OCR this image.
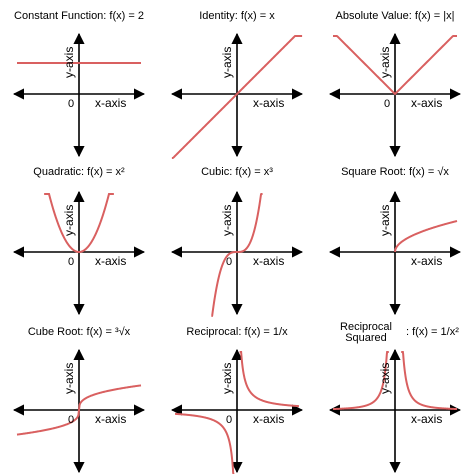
Constant Function: f(x) = 2
x-axis
y-axis
0
Identity: f(x) = x
x-axis
y-axis
Absolute Value: f(x) = |x|
x-axis
y-axis
0
Quadratic: f(x) = x²
x-axis
y-axis
0
Cubic: f(x) = x³
x-axis
y-axis
0
Square Root: f(x) = √x
x-axis
y-axis
Cube Root: f(x) = ³√x
x-axis
y-axis
0
Reciprocal: f(x) = 1/x
x-axis
y-axis
0
Reciprocal
Squared	: f(x) = 1/x²
x-axis
y-axis
